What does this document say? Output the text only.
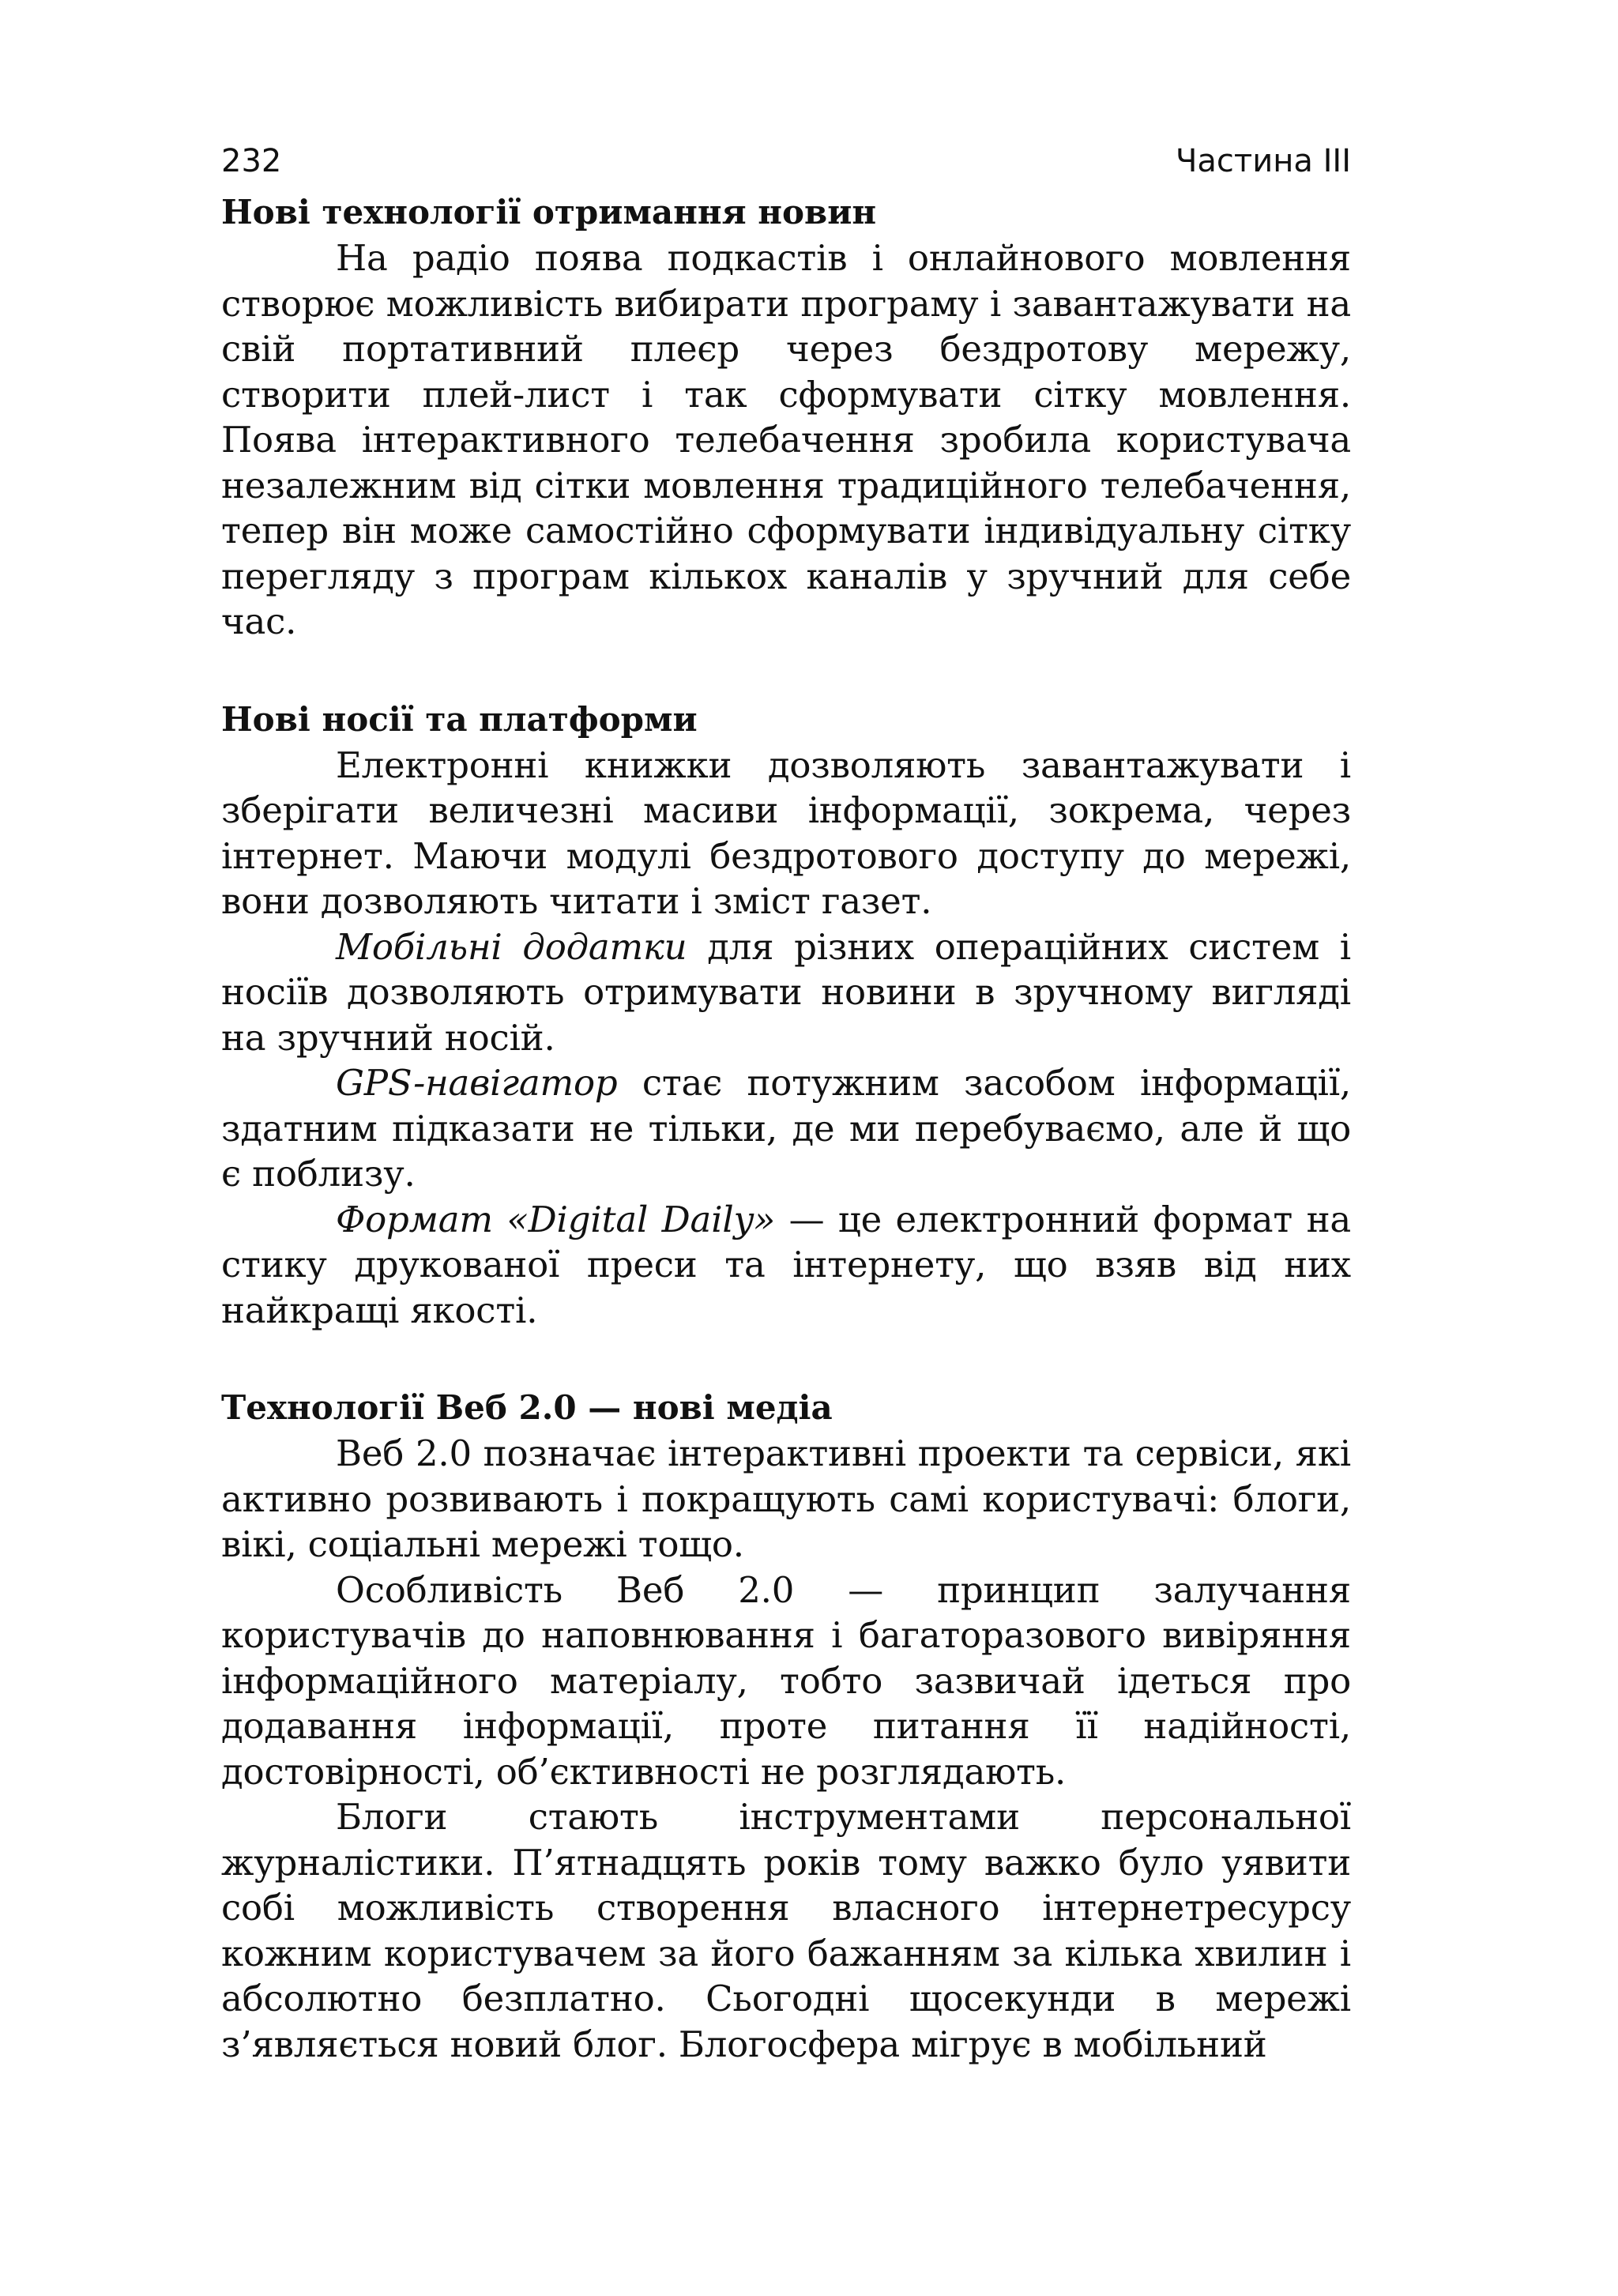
232	Частина III
Нові технології отримання новин

На радіо поява подкастів і онлайнового мовлення створює можливість вибирати програму і завантажувати на свій портативний плеєр через бездротову мережу, створити плей-лист і так сформувати сітку мовлення. Поява інтерактивного телебачення зробила користувача незалежним від сітки мовлення традиційного телебачення, тепер він може самостійно сформувати індивідуальну сітку перегляду з програм кількох каналів у зручний для себе час.

Нові носії та платформи

Електронні книжки дозволяють завантажувати і зберігати величезні масиви інформації, зокрема, через інтернет. Маючи модулі бездротового доступу до мережі, вони дозволяють читати і зміст газет.

Мобільні додатки для різних операційних систем і носіїв дозволяють отримувати новини в зручному вигляді на зручний носій.

GPS-навігатор стає потужним засобом інформації, здатним підказати не тільки, де ми перебуваємо, але й що є поблизу.

Формат «Digital Daily» — це електронний формат на стику друкованої преси та інтернету, що взяв від них найкращі якості.

Технології Веб 2.0 — нові медіа

Веб 2.0 позначає інтерактивні проекти та сервіси, які активно розвивають і покращують самі користувачі: блоги, вікі, соціальні мережі тощо.

Особливість Веб 2.0 — принцип залучання користувачів до наповнювання і багаторазового вивіряння інформаційного матеріалу, тобто зазвичай ідеться про додавання інформації, проте питання її надійності, достовірності, об’єктивності не розглядають.

Блоги стають інструментами персональної журналістики. П’ятнадцять років тому важко було уявити собі можливість створення власного інтернетресурсу кожним користувачем за його бажанням за кілька хвилин і абсолютно безплатно. Сьогодні щосекунди в мережі з’являється новий блог. Блогосфера мігрує в мобільний
